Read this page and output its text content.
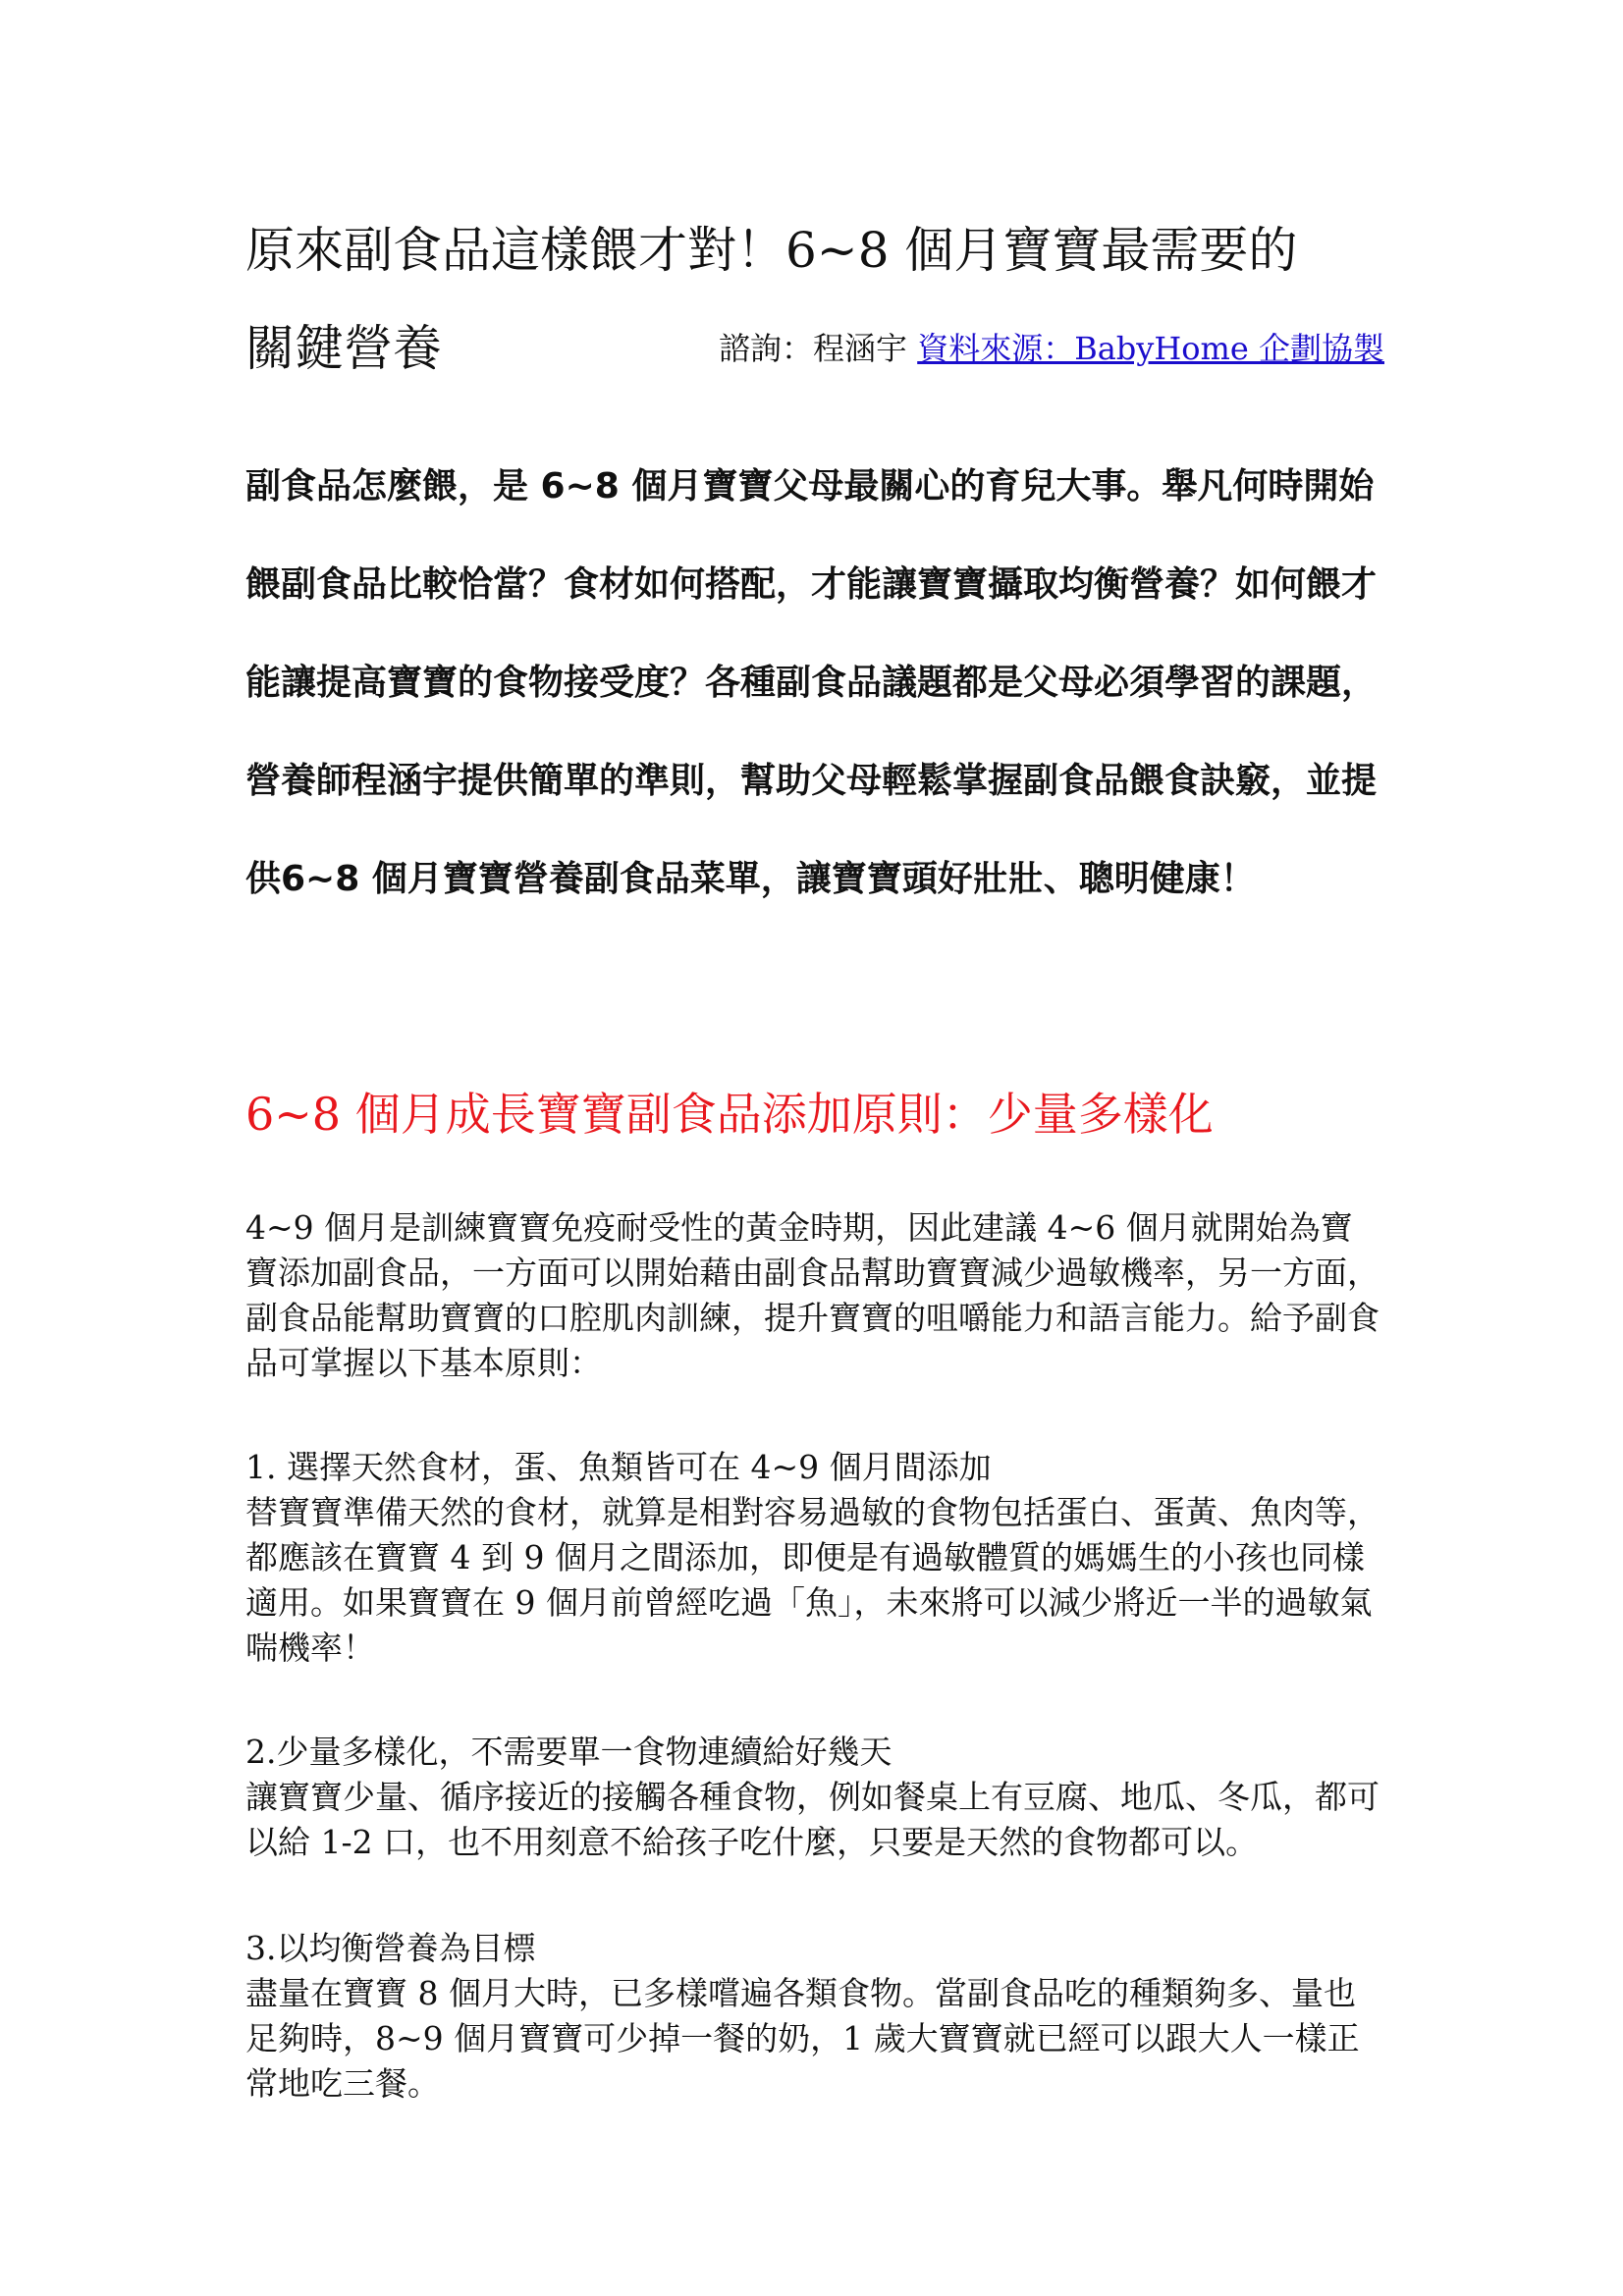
原來副食品這樣餵才對！6~8 個月寶寶最需要的
關鍵營養	諮詢：程涵宇 資料來源：BabyHome 企劃協製

副食品怎麼餵，是 6~8 個月寶寶父母最關心的育兒大事。舉凡何時開始餵副食品比較恰當？食材如何搭配，才能讓寶寶攝取均衡營養？如何餵才能讓提高寶寶的食物接受度？各種副食品議題都是父母必須學習的課題，營養師程涵宇提供簡單的準則，幫助父母輕鬆掌握副食品餵食訣竅，並提供6~8 個月寶寶營養副食品菜單，讓寶寶頭好壯壯、聰明健康！

6~8 個月成長寶寶副食品添加原則：少量多樣化

4~9 個月是訓練寶寶免疫耐受性的黃金時期，因此建議 4~6 個月就開始為寶寶添加副食品，一方面可以開始藉由副食品幫助寶寶減少過敏機率，另一方面，副食品能幫助寶寶的口腔肌肉訓練，提升寶寶的咀嚼能力和語言能力。給予副食品可掌握以下基本原則：

1. 選擇天然食材，蛋、魚類皆可在 4~9 個月間添加

替寶寶準備天然的食材，就算是相對容易過敏的食物包括蛋白、蛋黃、魚肉等，都應該在寶寶 4 到 9 個月之間添加，即便是有過敏體質的媽媽生的小孩也同樣適用。如果寶寶在 9 個月前曾經吃過「魚」，未來將可以減少將近一半的過敏氣喘機率！

2.少量多樣化，不需要單一食物連續給好幾天

讓寶寶少量、循序接近的接觸各種食物，例如餐桌上有豆腐、地瓜、冬瓜，都可以給 1-2 口，也不用刻意不給孩子吃什麼，只要是天然的食物都可以。

3.以均衡營養為目標

盡量在寶寶 8 個月大時，已多樣嚐遍各類食物。當副食品吃的種類夠多、量也足夠時，8~9 個月寶寶可少掉一餐的奶，1 歲大寶寶就已經可以跟大人一樣正常地吃三餐。
